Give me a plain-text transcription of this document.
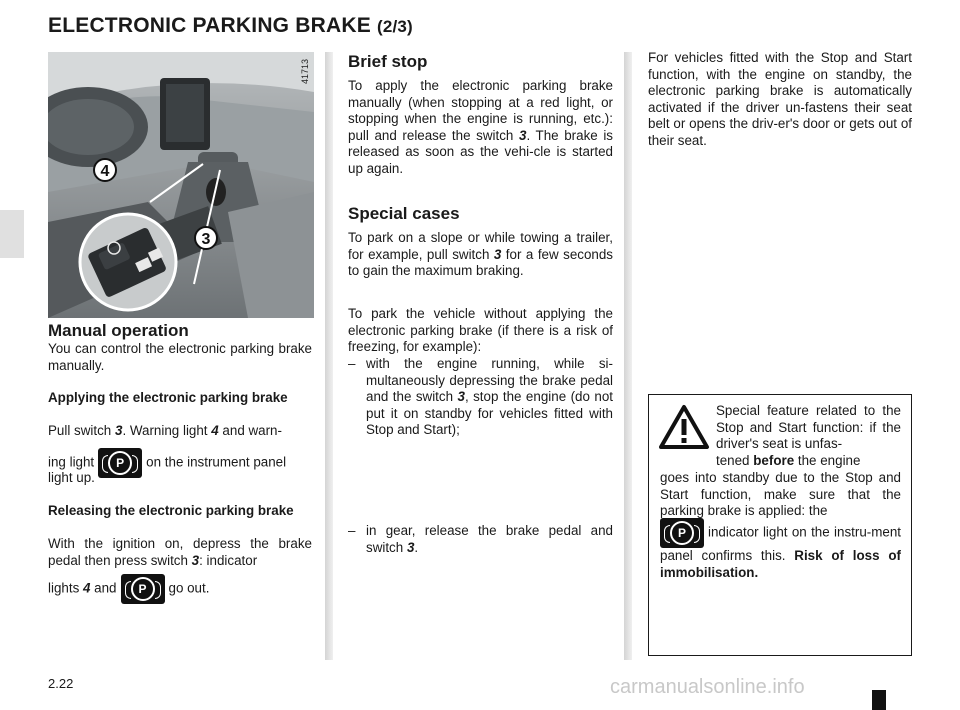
ELECTRONIC PARKING BRAKE (2/3)
4
3
41713
Manual operation

You can control the electronic parking brake manually.

Applying the electronic parking brake

Pull switch 3. Warning light 4 and warn-

ing light P on the instrument panel

light up.

Releasing the electronic parking brake

With the ignition on, depress the brake pedal then press switch 3: indicator

lights 4 and P go out.

Brief stop

To apply the electronic parking brake manually (when stopping at a red light, or stopping when the engine is running, etc.): pull and release the switch 3. The brake is released as soon as the vehi-cle is started up again.

Special cases

To park on a slope or while towing a trailer, for example, pull switch 3 for a few seconds to gain the maximum braking.

To park the vehicle without applying the electronic parking brake (if there is a risk of freezing, for example):

– with the engine running, while si-multaneously depressing the brake pedal and the switch 3, stop the engine (do not put it on standby for vehicles fitted with Stop and Start);

– in gear, release the brake pedal and switch 3.

For vehicles fitted with the Stop and Start function, with the engine on standby, the electronic parking brake is automatically activated if the driver un-fastens their seat belt or opens the driv-er's door or gets out of their seat.

Special feature related to the Stop and Start function: if the driver's seat is unfas-

tened before the engine

goes into standby due to the Stop and Start function, make sure that the parking brake is applied: the

P indicator light on the instru-ment panel confirms this. Risk of loss of immobilisation.

2.22	carmanualsonline.info
